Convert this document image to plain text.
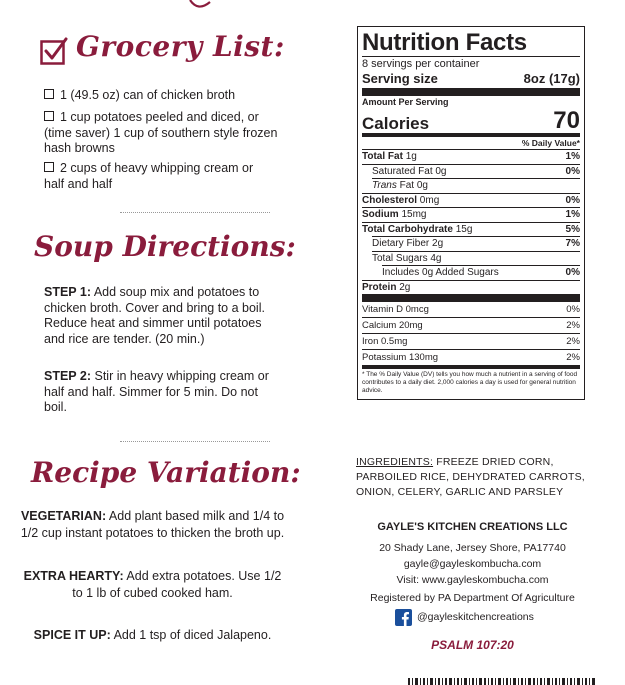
Grocery List:
1 (49.5 oz) can of chicken broth
1 cup potatoes peeled and diced, or (time saver) 1 cup of southern style frozen hash browns
2 cups of heavy whipping cream or half and half
Soup Directions:
STEP 1: Add soup mix and potatoes to chicken broth. Cover and bring to a boil. Reduce heat and simmer until potatoes and rice are tender. (20 min.)
STEP 2: Stir in heavy whipping cream or half and half. Simmer for 5 min. Do not boil.
Recipe Variation:
VEGETARIAN: Add plant based milk and 1/4 to 1/2 cup instant potatoes to thicken the broth up.
EXTRA HEARTY: Add extra potatoes. Use 1/2 to 1 lb of cubed cooked ham.
SPICE IT UP: Add 1 tsp of diced Jalapeno.
Nutrition Facts
8 servings per container
Serving size	8oz (17g)
Amount Per Serving
Calories	70
% Daily Value*
Total Fat 1g	1%
Saturated Fat 0g	0%
Trans Fat 0g
Cholesterol 0mg	0%
Sodium 15mg	1%
Total Carbohydrate 15g	5%
Dietary Fiber 2g	7%
Total Sugars 4g
Includes 0g Added Sugars	0%
Protein 2g
Vitamin D 0mcg	0%
Calcium 20mg	2%
Iron 0.5mg	2%
Potassium 130mg	2%
* The % Daily Value (DV) tells you how much a nutrient in a serving of food contributes to a daily diet. 2,000 calories a day is used for general nutrition advice.
INGREDIENTS: FREEZE DRIED CORN, PARBOILED RICE, DEHYDRATED CARROTS, ONION, CELERY, GARLIC AND PARSLEY
GAYLE'S KITCHEN CREATIONS LLC
20 Shady Lane, Jersey Shore, PA17740
gayle@gayleskombucha.com
Visit: www.gayleskombucha.com
Registered by PA Department Of Agriculture
@gayleskitchencreations
PSALM 107:20
